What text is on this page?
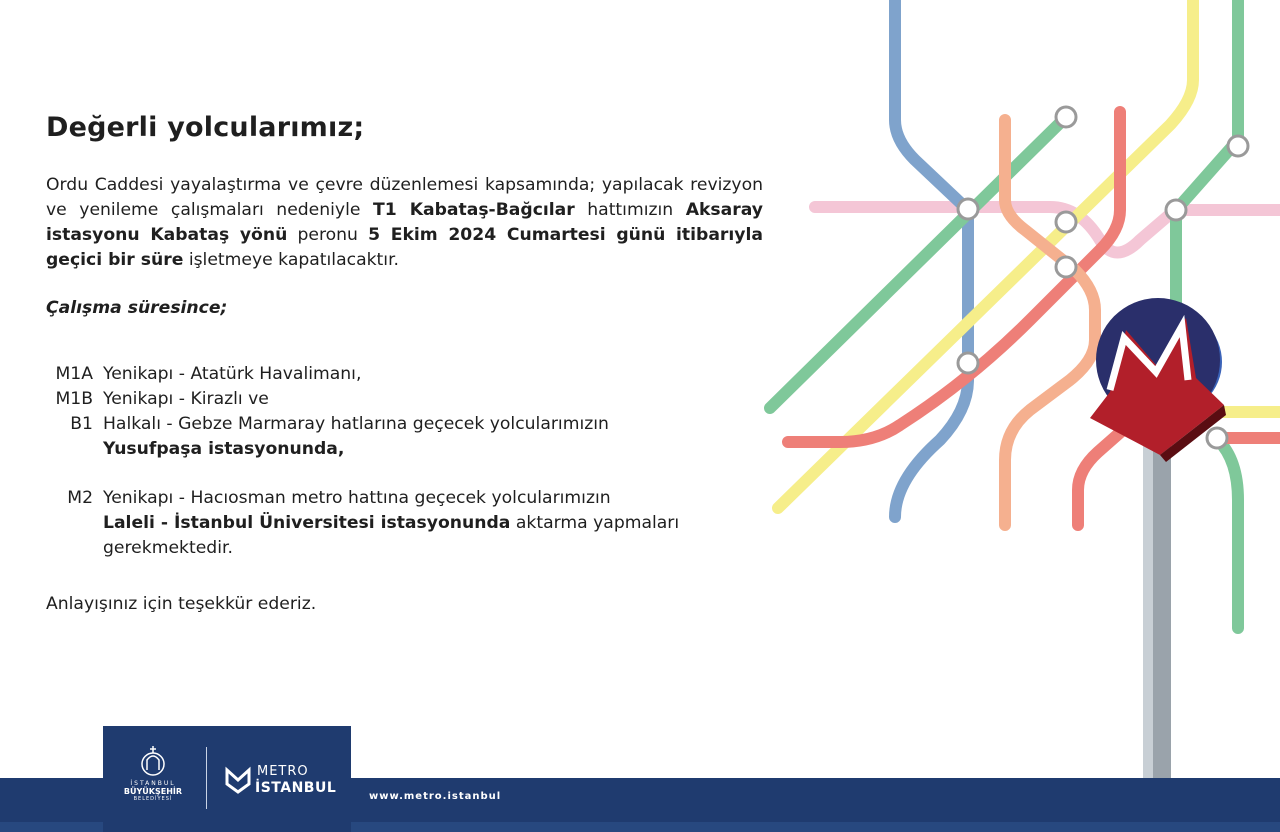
Değerli yolcularımız;

Ordu Caddesi yayalaştırma ve çevre düzenlemesi kapsamında; yapılacak revizyon ve yenileme çalışmaları nedeniyle T1 Kabataş-Bağcılar hattımızın Aksaray istasyonu Kabataş yönü peronu 5 Ekim 2024 Cumartesi günü itibarıyla geçici bir süre işletmeye kapatılacaktır.

Çalışma süresince;

M1A Yenikapı - Atatürk Havalimanı,
M1B Yenikapı - Kirazlı ve
B1 Halkalı - Gebze Marmaray hatlarına geçecek yolcularımızın
Yusufpaşa istasyonunda,
M2 Yenikapı - Hacıosman metro hattına geçecek yolcularımızın
Laleli - İstanbul Üniversitesi istasyonunda aktarma yapmaları gerekmektedir.

Anlayışınız için teşekkür ederiz.

İSTANBUL
BÜYÜKŞEHİR
BELEDİYESİ
METRO
İSTANBUL
www.metro.istanbul
